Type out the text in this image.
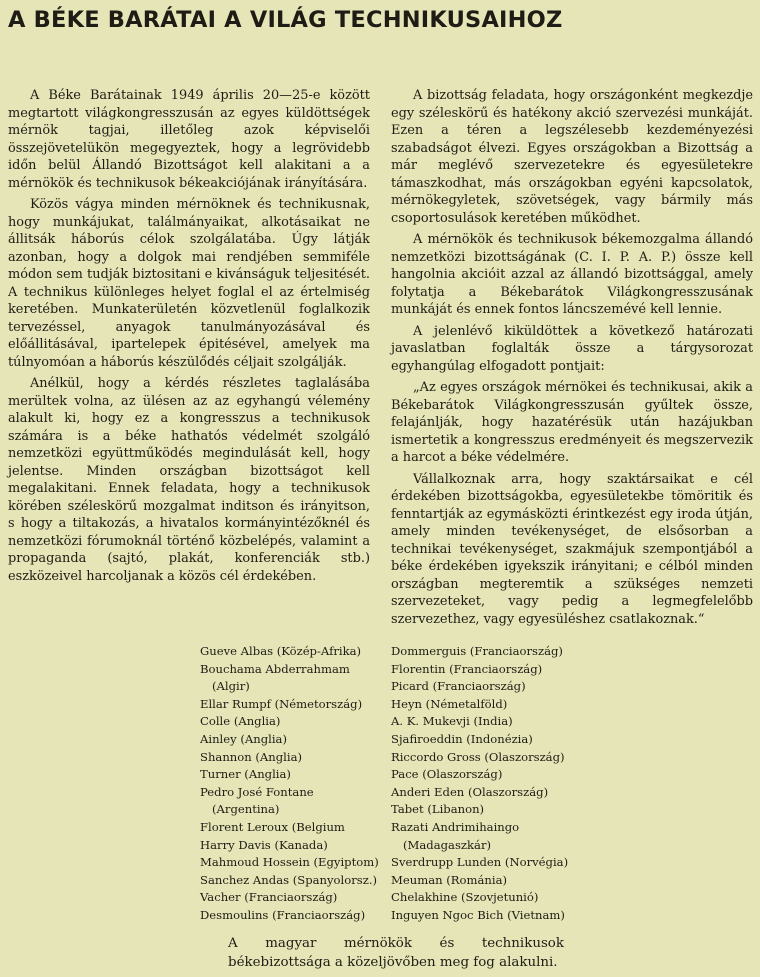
A BÉKE BARÁTAI A VILÁG TECHNIKUSAIHOZ

A Béke Barátainak 1949 április 20—25-e között megtartott világkongresszusán az egyes küldöttségek mérnök tagjai, illetőleg azok képviselői összejövetelükön megegyeztek, hogy a legrövidebb időn belül Állandó Bizottságot kell alakitani a a mérnökök és technikusok békeakciójának irányítására.

Közös vágya minden mérnöknek és technikusnak, hogy munkájukat, találmányaikat, alkotásaikat ne állitsák háborús célok szolgálatába. Úgy látják azonban, hogy a dolgok mai rendjében semmiféle módon sem tudják biztositani e kivánságuk teljesitését. A technikus különleges helyet foglal el az értelmiség keretében. Munkaterületén közvetlenül foglalkozik tervezéssel, anyagok tanulmányozásával és előállitásával, ipartelepek épitésével, amelyek ma túlnyomóan a háborús készülődés céljait szolgálják.

Anélkül, hogy a kérdés részletes taglalásába merültek volna, az ülésen az az egyhangú vélemény alakult ki, hogy ez a kongresszus a technikusok számára is a béke hathatós védelmét szolgáló nemzetközi együttműködés megindulását kell, hogy jelentse. Minden országban bizottságot kell megalakitani. Ennek feladata, hogy a technikusok körében széleskörű mozgalmat inditson és irányitson, s hogy a tiltakozás, a hivatalos kormányintézőknél és nemzetközi fórumoknál történő közbelépés, valamint a propaganda (sajtó, plakát, konferenciák stb.) eszközeivel harcoljanak a közös cél érdekében.

A bizottság feladata, hogy országonként megkezdje egy széleskörű és hatékony akció szervezési munkáját. Ezen a téren a legszélesebb kezdeményezési szabadságot élvezi. Egyes országokban a Bizottság a már meglévő szervezetekre és egyesületekre támaszkodhat, más országokban egyéni kapcsolatok, mérnökegyletek, szövetségek, vagy bármily más csoportosulások keretében működhet.

A mérnökök és technikusok békemozgalma állandó nemzetközi bizottságának (C. I. P. A. P.) össze kell hangolnia akcióit azzal az állandó bizottsággal, amely folytatja a Békebarátok Világkongresszusának munkáját és ennek fontos láncszemévé kell lennie.

A jelenlévő kiküldöttek a következő határozati javaslatban foglalták össze a tárgysorozat egyhangúlag elfogadott pontjait:

„Az egyes országok mérnökei és technikusai, akik a Békebarátok Világkongresszusán gyűltek össze, felajánlják, hogy hazatérésük után hazájukban ismertetik a kongresszus eredményeit és megszervezik a harcot a béke védelmére.

Vállalkoznak arra, hogy szaktársaikat e cél érdekében bizottságokba, egyesületekbe tömöritik és fenntartják az egymásközti érintkezést egy iroda útján, amely minden tevékenységet, de elsősorban a technikai tevékenységet, szakmájuk szempontjából a béke érdekében igyekszik irányitani; e célból minden országban megteremtik a szükséges nemzeti szervezeteket, vagy pedig a legmegfelelőbb szervezethez, vagy egyesüléshez csatlakoznak.“

Gueve Albas (Közép-Afrika)
Bouchama Abderrahmam
(Algir)
Ellar Rumpf (Németország)
Colle (Anglia)
Ainley (Anglia)
Shannon (Anglia)
Turner (Anglia)
Pedro José Fontane
(Argentina)
Florent Leroux (Belgium
Harry Davis (Kanada)
Mahmoud Hossein (Egyiptom)
Sanchez Andas (Spanyolorsz.)
Vacher (Franciaország)
Desmoulins (Franciaország)
Dommerguis (Franciaország)
Florentin (Franciaország)
Picard (Franciaország)
Heyn (Németalföld)
A. K. Mukevji (India)
Sjafiroeddin (Indonézia)
Riccordo Gross (Olaszország)
Pace (Olaszország)
Anderi Eden (Olaszország)
Tabet (Libanon)
Razati Andrimihaingo
(Madagaszkár)
Sverdrupp Lunden (Norvégia)
Meuman (Románia)
Chelakhine (Szovjetunió)
Inguyen Ngoc Bich (Vietnam)
A magyar mérnökök és technikusok békebizottsága a közeljövőben meg fog alakulni.
